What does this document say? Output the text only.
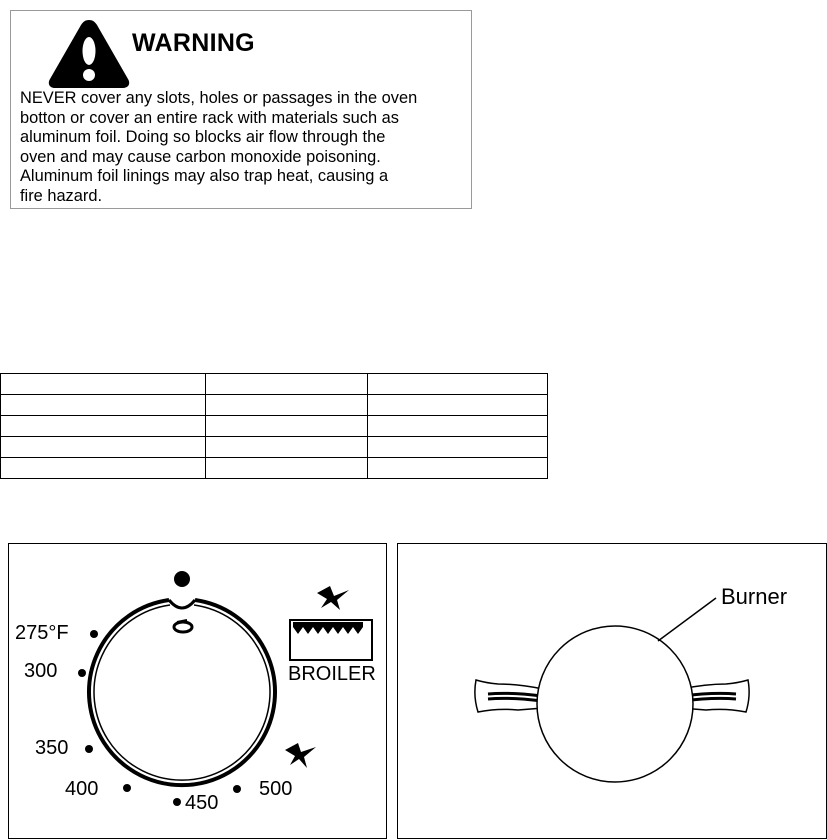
WARNING
NEVER cover any slots, holes or passages in the oven
botton or cover an entire rack with materials such as
aluminum foil. Doing so blocks air flow through the
oven and may cause carbon monoxide poisoning.
Aluminum foil linings may also trap heat, causing a
fire hazard.

275°F
300
350
400
450
500
BROILER
Burner
